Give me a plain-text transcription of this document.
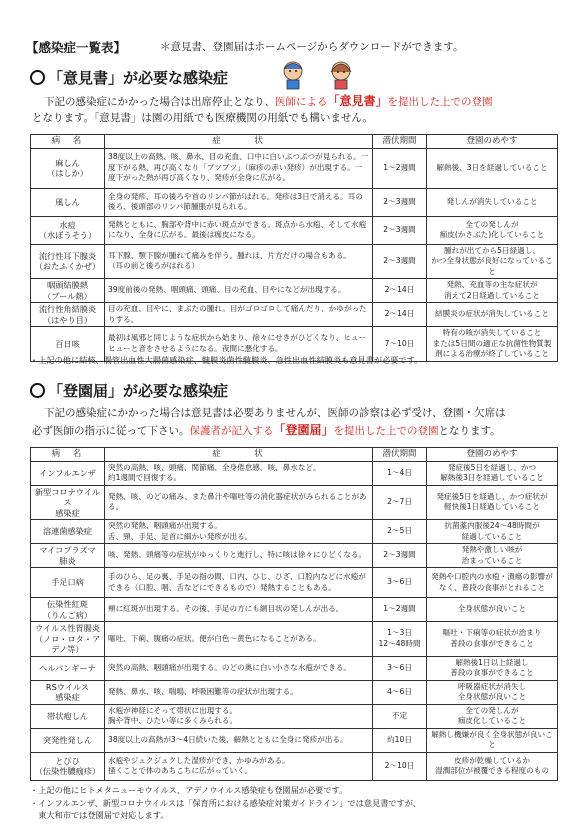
【感染症一覧表】	＊意見書、登園届はホームページからダウンロードができます。
「意見書」が必要な感染症
下記の感染症にかかった場合は出席停止となり、医師による「意見書」を提出した上での登園
となります。「意見書」は園の用紙でも医療機関の用紙でも構いません。
病　名	症　　　状	潜伏期間	登園のめやす
麻しん
（はしか）	38度以上の高熱、咳、鼻水、目の充血、口中に白いぶつぶつが見られる。一度下がる熱、再び高くなり「ブツブツ」（麻疹の赤い発疹）が出現する。一度下がった熱が再び高くなり、発疹が全身に広がる。	1～2週間	解熱後、3日を経過していること
風しん	全身の発疹、耳の後ろや首のリンパ節がはれる。発疹は3日で消える。耳の後ろ、後頭部のリンパ節腫脹が見られる。	2～3週間	発しんが消失していること
水痘
（水ぼうそう）	発熱とともに、胸部や背中に赤い斑点ができる。斑点から水疱、そして水疱になり、全身に広がる。最後は痂皮になる。	2～3週間	全ての発しんが
痂皮(かさぶた)化していること
流行性耳下腺炎
（おたふくかぜ）	耳下腺、顎下腺が腫れて痛みを伴う。腫れは、片方だけの場合もある。
（耳の前と後ろがはれる）	2～3週間	腫れが出てから5日経過し、
かつ全身状態が良好になっていること
咽頭結膜熱
（プール熱）	39度前後の発熱、咽頭痛、頭痛、目の充血、目やになどが出現する。	2～14日	発熱、充血等の主な症状が
消えて2日経過していること
流行性角結膜炎
（はやり目）	目の充血、目やに、まぶたの腫れ。目がゴロゴロして痛んだり、かゆがったりする。	2～14日	結膜炎の症状が消失していること
百日咳	最初は風邪と同じような症状から始まり、徐々にせきがひどくなり、ヒューヒューと音をさせるようになる。夜間に悪化する。	7～10日	特有の咳が消失していること
または5日間の適正な抗菌性物質製剤による治療が終了していること
・上記の他に結核、腸管出血性大腸菌感染症、髄膜炎菌性髄膜炎、急性出血性結膜炎も意見書が必要です。
「登園届」が必要な感染症
下記の感染症にかかった場合は意見書は必要ありませんが、医師の診察は必ず受け、登園・欠席は
必ず医師の指示に従って下さい。保護者が記入する「登園届」を提出した上での登園となります。
病　名	症　　　状	潜伏期間	登園のめやす
インフルエンザ	突然の高熱、咳、頭痛、関節痛、全身倦怠感、咳、鼻水など。
約1週間で回復する。	1～4日	発症後5日を経過し、かつ
解熱後3日を経過していること
新型コロナウイルス
感染症	発熱、咳、のどの痛み、また鼻汁や嘔吐等の消化器症状がみられることがある。	2～7日	発症後5日を経過し、かつ症状が
軽快後1日経過していること
溶連菌感染症	突然の発熱、咽頭痛が出現する。
舌、頸、手足、足首に細かい発疹が出る。	2～5日	抗菌薬内服後24～48時間が
経過していること
マイコプラズマ
肺炎	咳、発熱、頭痛等の症状がゆっくりと進行し、特に咳は徐々にひどくなる。	2～3週間	発熱や激しい咳が
治まっていること
手足口病	手のひら、足の裏、手足の指の間、口内、ひじ、ひざ、口腔内などに水疱ができる（口腔、咽、舌などにできるもので）発熱することもある。	3～6日	発熱や口腔内の水疱・潰瘍の影響が
なく、普段の食事がとれること
伝染性紅斑
（りんご病）	頬に紅斑が出現する。その後、手足の方にも網目状の発しんが出る。	1～2週間	全身状態が良いこと
ウイルス性胃腸炎
（ノロ・ロタ・アデノ等）	嘔吐、下痢、腹痛の症状。便が白色～黄色になることがある。	1～3日
12～48時間	嘔吐・下痢等の症状が治まり
普段の食事ができること
ヘルパンギーナ	突然の高熱、咽頭痛が出現する。のどの奥に白い小さな水疱ができる。	3～6日	解熱後1日以上経過し
普段の食事ができること
RSウイルス
感染症	発熱、鼻水、咳、喘鳴、呼吸困難等の症状が出現する。	4～6日	呼吸器症状が消失し
全身状態が良いこと
帯状疱しん	水疱が神経にそって帯状に出現する。
胸や背中、ひたい等に多くみられる。	不定	全ての発しんが
痂皮化していること
突発性発しん	38度以上の高熱が3～4日続いた後、解熱とともに全身に発疹が出る。	約10日	解熱し機嫌が良く全身状態が良いこと
とびひ
（伝染性膿痂疹）	水疱やジュクジュクした湿疹ができ、かゆみがある。
掻くことで体のあちこちに広がっていく。	2～10日	皮疹が乾燥しているか
湿潤部位が被覆できる程度のもの
・上記の他にヒトメタニューモウイルス、アデノウイルス感染症も登園届が必要です。
・インフルエンザ、新型コロナウイルスは「保育所における感染症対策ガイドライン」では意見書ですが、
　東大和市では登園届で対応します。
